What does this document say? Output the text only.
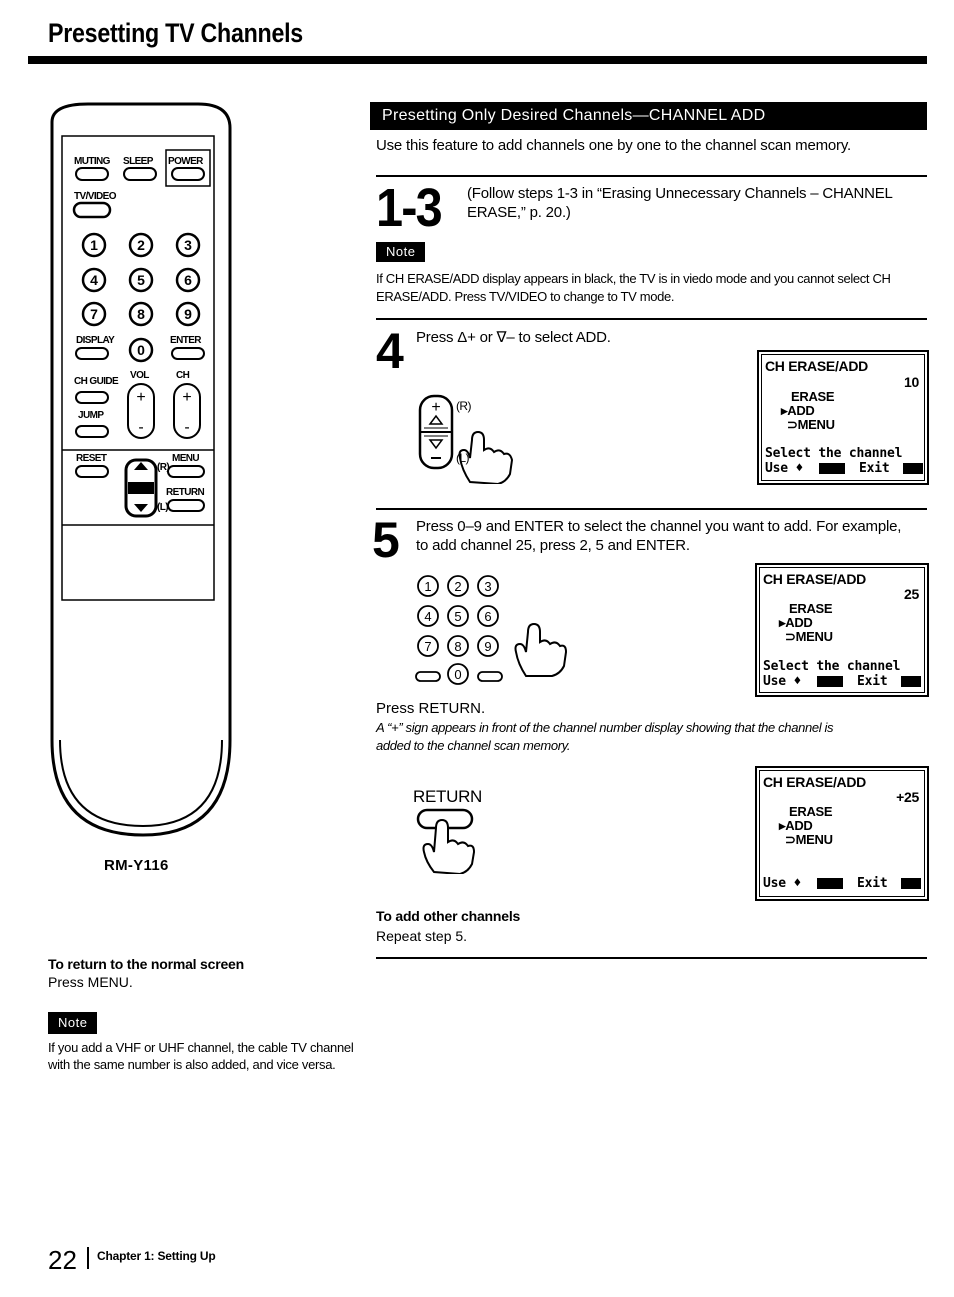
Presetting TV Channels
1	2	3
4	5	6
7	8	9
0
+
-
+
-
MUTING SLEEP POWER
TV/VIDEO
DISPLAY	ENTER
CH GUIDE
VOL	CH
JUMP
RESET	MENU
RETURN
(R)
(L)
RM-Y116
Presetting Only Desired Channels—CHANNEL ADD
Use this feature to add channels one by one to the channel scan memory.
1-3 (Follow steps 1-3 in “Erasing Unnecessary Channels – CHANNEL ERASE,” p. 20.)
Note
If CH ERASE/ADD display appears in black, the TV is in viedo mode and you cannot select CH ERASE/ADD. Press TV/VIDEO to change to TV mode.
4 Press Δ+ or ∇– to select ADD.
+ (R)
(L)
CH ERASE/ADD
10
ERASE
▸ADD
⊃MENU
Select the channel
Use ♦	Exit
5 Press 0–9 and ENTER to select the channel you want to add. For example, to add channel 25, press 2, 5 and ENTER.
1 2 3
4 5 6
7 8 9
0
CH ERASE/ADD
25
ERASE
▸ADD
⊃MENU
Select the channel
Use ♦	Exit
Press RETURN.
A “+” sign appears in front of the channel number display showing that the channel is added to the channel scan memory.
RETURN
CH ERASE/ADD
+25
ERASE
▸ADD
⊃MENU
Use ♦	Exit
To add other channels
Repeat step 5.
To return to the normal screen
Press MENU.
Note
If you add a VHF or UHF channel, the cable TV channel with the same number is also added, and vice versa.
22 Chapter 1: Setting Up
